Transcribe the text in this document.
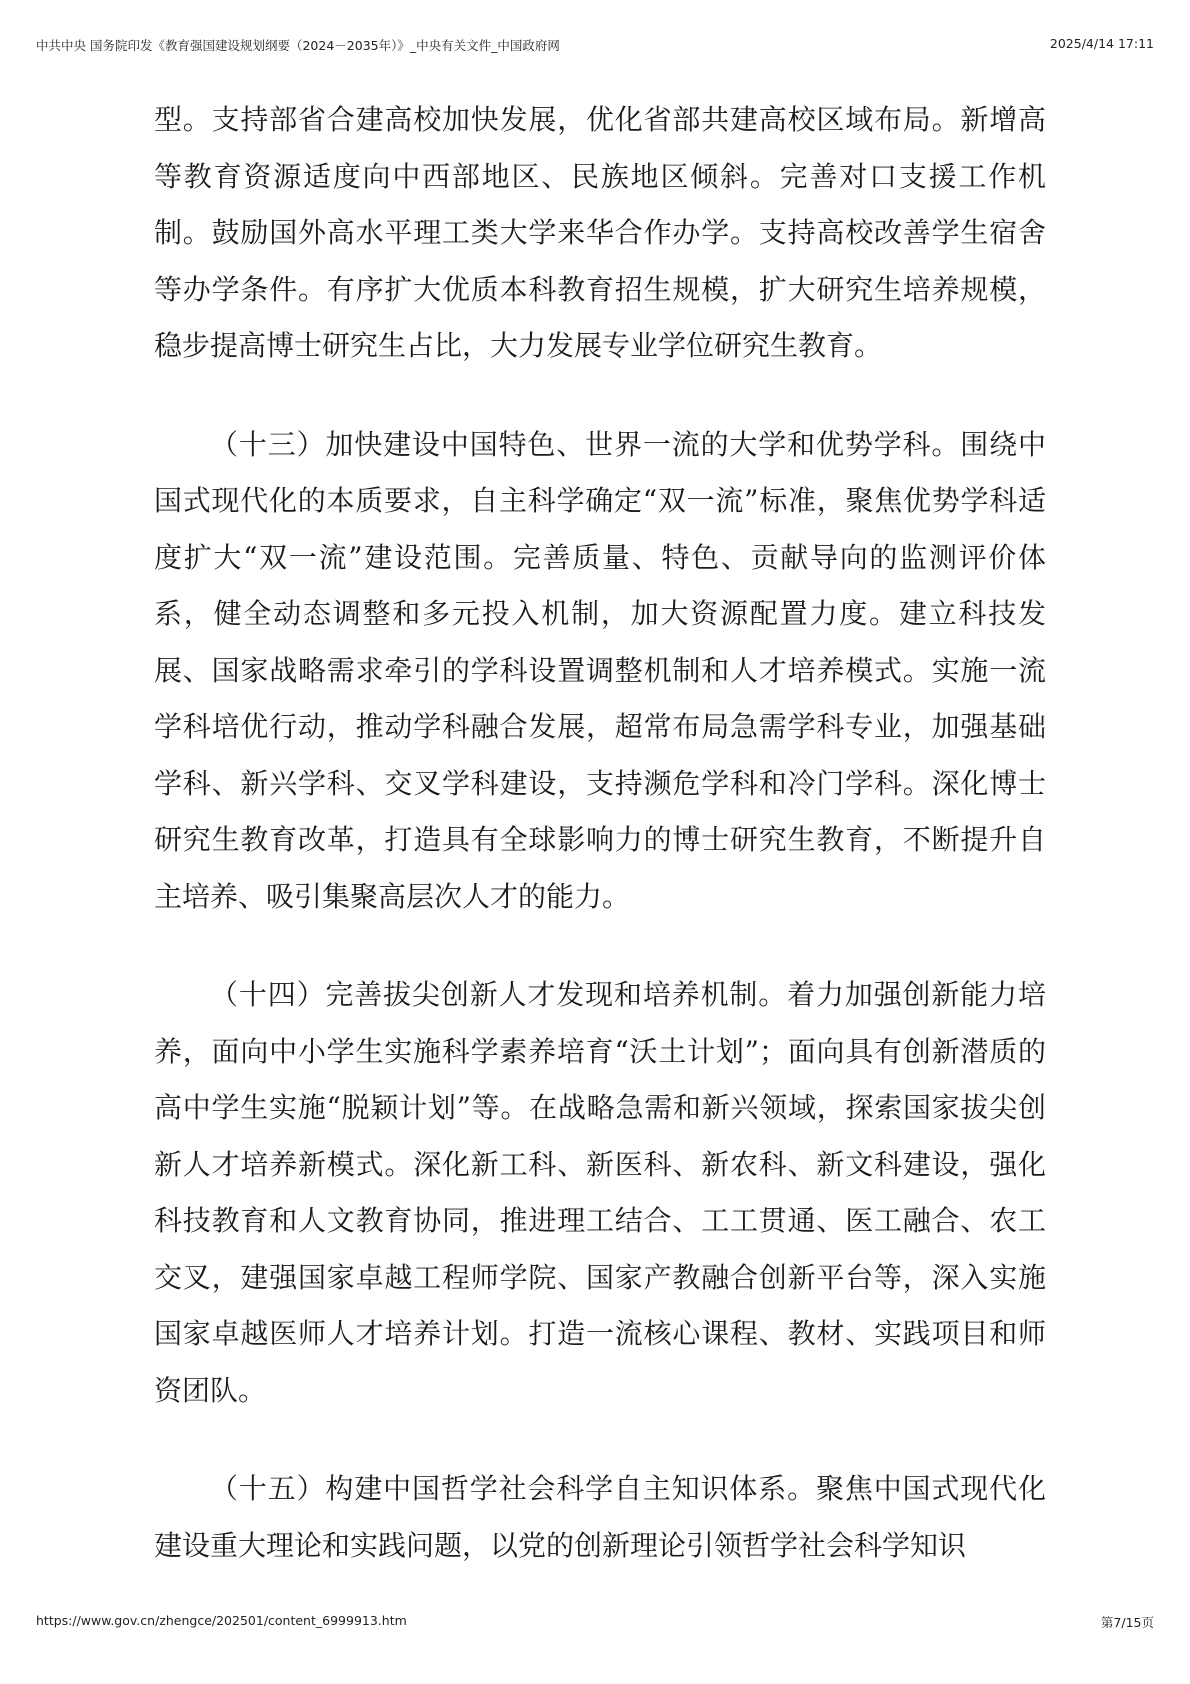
中共中央 国务院印发《教育强国建设规划纲要（2024－2035年）》_中央有关文件_中国政府网	2025/4/14 17:11

型。支持部省合建高校加快发展，优化省部共建高校区域布局。新增高等教育资源适度向中西部地区、民族地区倾斜。完善对口支援工作机制。鼓励国外高水平理工类大学来华合作办学。支持高校改善学生宿舍等办学条件。有序扩大优质本科教育招生规模，扩大研究生培养规模，稳步提高博士研究生占比，大力发展专业学位研究生教育。

（十三）加快建设中国特色、世界一流的大学和优势学科。围绕中国式现代化的本质要求，自主科学确定“双一流”标准，聚焦优势学科适度扩大“双一流”建设范围。完善质量、特色、贡献导向的监测评价体系，健全动态调整和多元投入机制，加大资源配置力度。建立科技发展、国家战略需求牵引的学科设置调整机制和人才培养模式。实施一流学科培优行动，推动学科融合发展，超常布局急需学科专业，加强基础学科、新兴学科、交叉学科建设，支持濒危学科和冷门学科。深化博士研究生教育改革，打造具有全球影响力的博士研究生教育，不断提升自主培养、吸引集聚高层次人才的能力。

（十四）完善拔尖创新人才发现和培养机制。着力加强创新能力培养，面向中小学生实施科学素养培育“沃土计划”；面向具有创新潜质的高中学生实施“脱颖计划”等。在战略急需和新兴领域，探索国家拔尖创新人才培养新模式。深化新工科、新医科、新农科、新文科建设，强化科技教育和人文教育协同，推进理工结合、工工贯通、医工融合、农工交叉，建强国家卓越工程师学院、国家产教融合创新平台等，深入实施国家卓越医师人才培养计划。打造一流核心课程、教材、实践项目和师资团队。

（十五）构建中国哲学社会科学自主知识体系。聚焦中国式现代化建设重大理论和实践问题，以党的创新理论引领哲学社会科学知识

https://www.gov.cn/zhengce/202501/content_6999913.htm	第7/15页
